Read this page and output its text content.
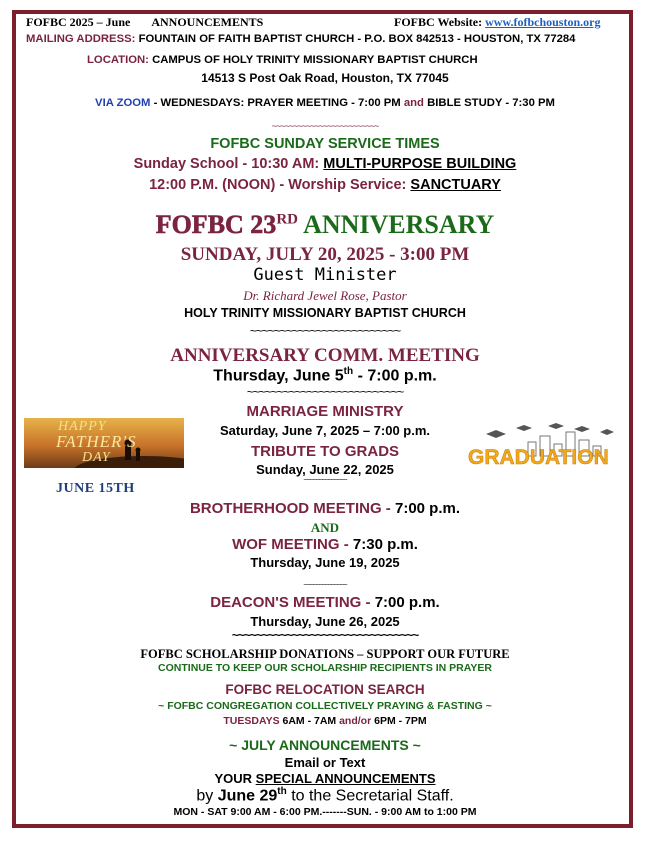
FOFBC 2025 – June ANNOUNCEMENTS	FOFBC Website: www.fofbchouston.org
MAILING ADDRESS: FOUNTAIN OF FAITH BAPTIST CHURCH - P.O. BOX 842513 - HOUSTON, TX 77284
LOCATION: CAMPUS OF HOLY TRINITY MISSIONARY BAPTIST CHURCH
14513 S Post Oak Road, Houston, TX 77045
VIA ZOOM - WEDNESDAYS: PRAYER MEETING - 7:00 PM and BIBLE STUDY - 7:30 PM
~~~~~~~~~~~~~~~~~~~~~~~~~
FOFBC SUNDAY SERVICE TIMES
Sunday School - 10:30 AM: MULTI-PURPOSE BUILDING
12:00 P.M. (NOON) - Worship Service: SANCTUARY
FOFBC 23RD ANNIVERSARY
SUNDAY, JULY 20, 2025 - 3:00 PM
Guest Minister
Dr. Richard Jewel Rose, Pastor
HOLY TRINITY MISSIONARY BAPTIST CHURCH
~~~~~~~~~~~~~~~~~~~~~~~~~
ANNIVERSARY COMM. MEETING
Thursday, June 5th - 7:00 p.m.
~~~~~~~~~~~~~~~~~~~~~~~~~~
HAPPY
FATHER'S
DAY
JUNE 15TH
MARRIAGE MINISTRY
Saturday, June 7, 2025 – 7:00 p.m.
TRIBUTE TO GRADS
Sunday, June 22, 2025
~~~~~~~~~~~~~~
GRADUATION
BROTHERHOOD MEETING - 7:00 p.m.
AND
WOF MEETING - 7:30 p.m.
Thursday, June 19, 2025
~~~~~~~~~~~~~~
DEACON'S MEETING - 7:00 p.m.
Thursday, June 26, 2025
~~~~~~~~~~~~~~~~~~~~~~~~~~~~~~~
FOFBC SCHOLARSHIP DONATIONS – SUPPORT OUR FUTURE
CONTINUE TO KEEP OUR SCHOLARSHIP RECIPIENTS IN PRAYER
FOFBC RELOCATION SEARCH
~ FOFBC CONGREGATION COLLECTIVELY PRAYING & FASTING ~
TUESDAYS 6AM - 7AM and/or 6PM - 7PM
~ JULY ANNOUNCEMENTS ~
Email or Text
YOUR SPECIAL ANNOUNCEMENTS
by June 29th to the Secretarial Staff.
MON - SAT 9:00 AM - 6:00 PM.-------SUN. - 9:00 AM to 1:00 PM
